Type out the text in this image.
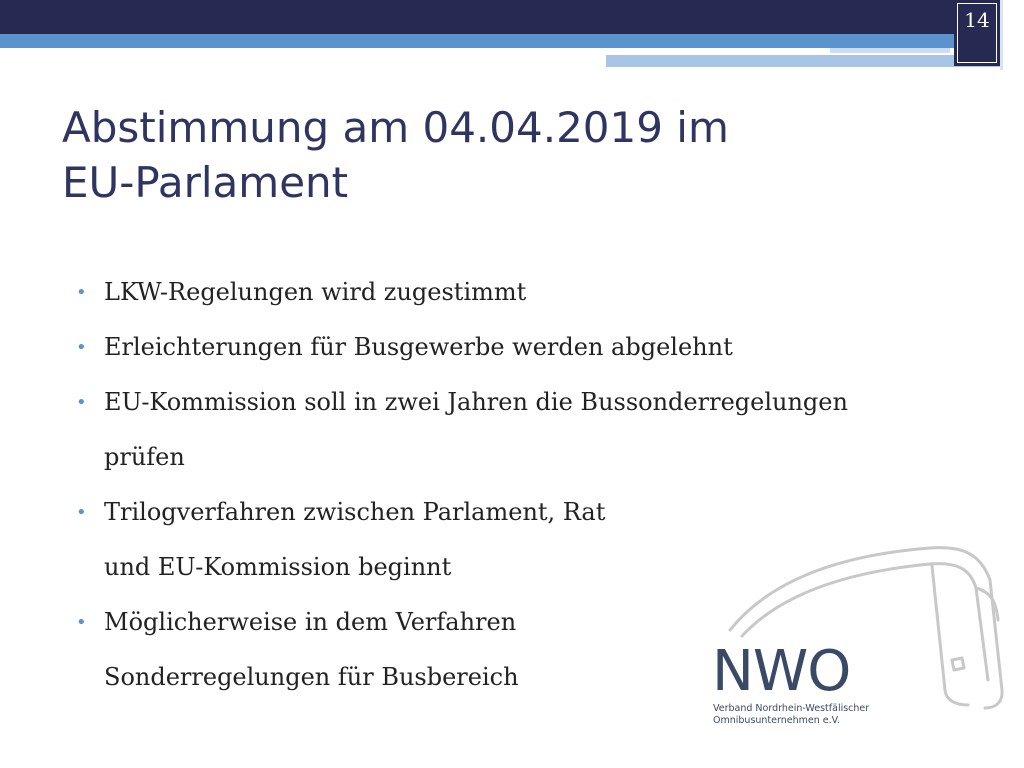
14
Abstimmung am 04.04.2019 im
EU-Parlament
• LKW-Regelungen wird zugestimmt
• Erleichterungen für Busgewerbe werden abgelehnt
• EU-Kommission soll in zwei Jahren die Bussonderregelungen
prüfen
• Trilogverfahren zwischen Parlament, Rat
und EU-Kommission beginnt
• Möglicherweise in dem Verfahren
Sonderregelungen für Busbereich	NWO
Verband Nordrhein-Westfälischer
Omnibusunternehmen e.V.
